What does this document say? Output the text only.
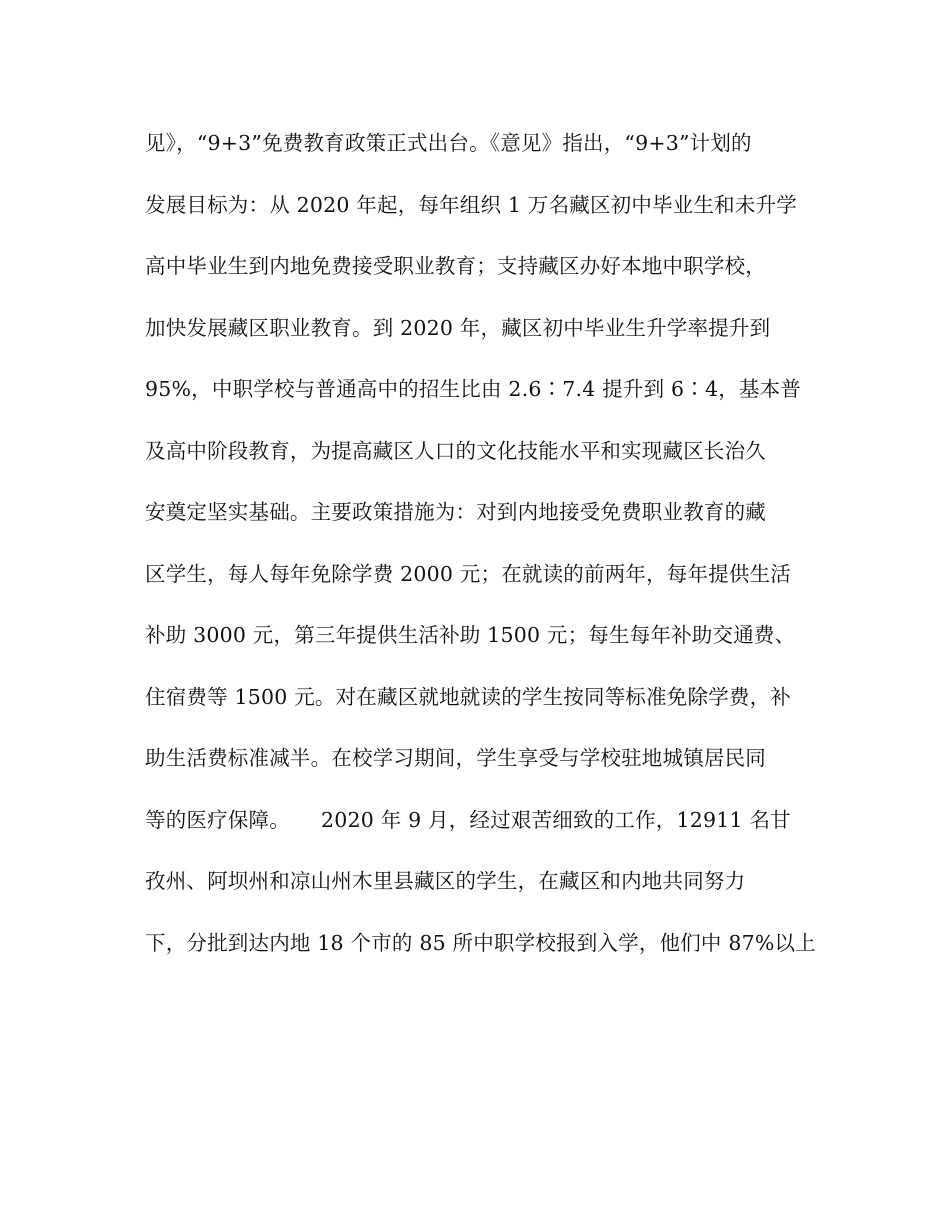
见》，“9+3”免费教育政策正式出台。《意见》指出，“9+3”计划的
发展目标为：从 2020 年起，每年组织 1 万名藏区初中毕业生和未升学
高中毕业生到内地免费接受职业教育；支持藏区办好本地中职学校，
加快发展藏区职业教育。到 2020 年，藏区初中毕业生升学率提升到
95%，中职学校与普通高中的招生比由 2.6∶7.4 提升到 6∶4，基本普
及高中阶段教育，为提高藏区人口的文化技能水平和实现藏区长治久
安奠定坚实基础。主要政策措施为：对到内地接受免费职业教育的藏
区学生，每人每年免除学费 2000 元；在就读的前两年，每年提供生活
补助 3000 元，第三年提供生活补助 1500 元；每生每年补助交通费、
住宿费等 1500 元。对在藏区就地就读的学生按同等标准免除学费，补
助生活费标准减半。在校学习期间，学生享受与学校驻地城镇居民同
等的医疗保障。　　2020 年 9 月，经过艰苦细致的工作，12911 名甘
孜州、阿坝州和凉山州木里县藏区的学生，在藏区和内地共同努力
下，分批到达内地 18 个市的 85 所中职学校报到入学，他们中 87%以上
